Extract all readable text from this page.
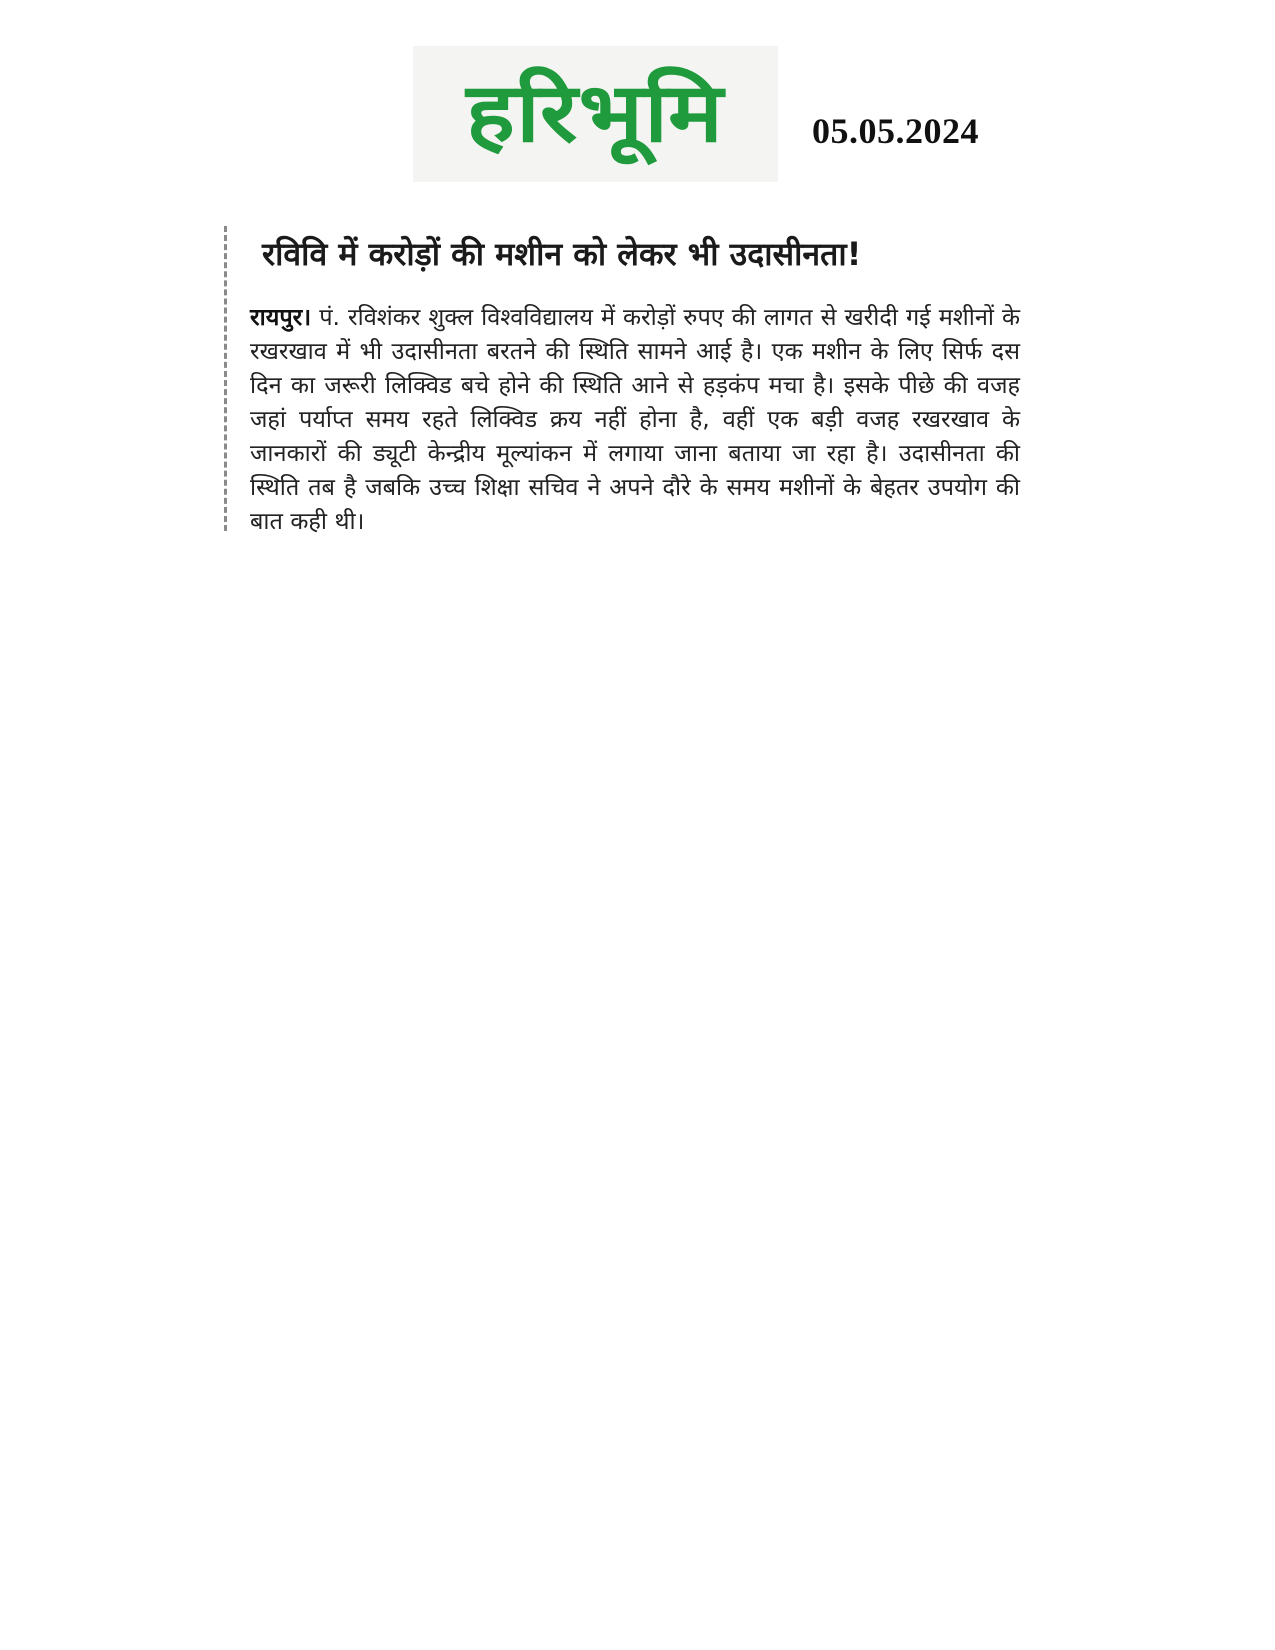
हरिभूमि 05.05.2024
रविवि में करोड़ों की मशीन को लेकर भी उदासीनता!

रायपुर। पं. रविशंकर शुक्ल विश्वविद्यालय में करोड़ों रुपए की लागत से खरीदी गई मशीनों के रखरखाव में भी उदासीनता बरतने की स्थिति सामने आई है। एक मशीन के लिए सिर्फ दस दिन का जरूरी लिक्विड बचे होने की स्थिति आने से हड़कंप मचा है। इसके पीछे की वजह जहां पर्याप्त समय रहते लिक्विड क्रय नहीं होना है, वहीं एक बड़ी वजह रखरखाव के जानकारों की ड्यूटी केन्द्रीय मूल्यांकन में लगाया जाना बताया जा रहा है। उदासीनता की स्थिति तब है जबकि उच्च शिक्षा सचिव ने अपने दौरे के समय मशीनों के बेहतर उपयोग की बात कही थी।
